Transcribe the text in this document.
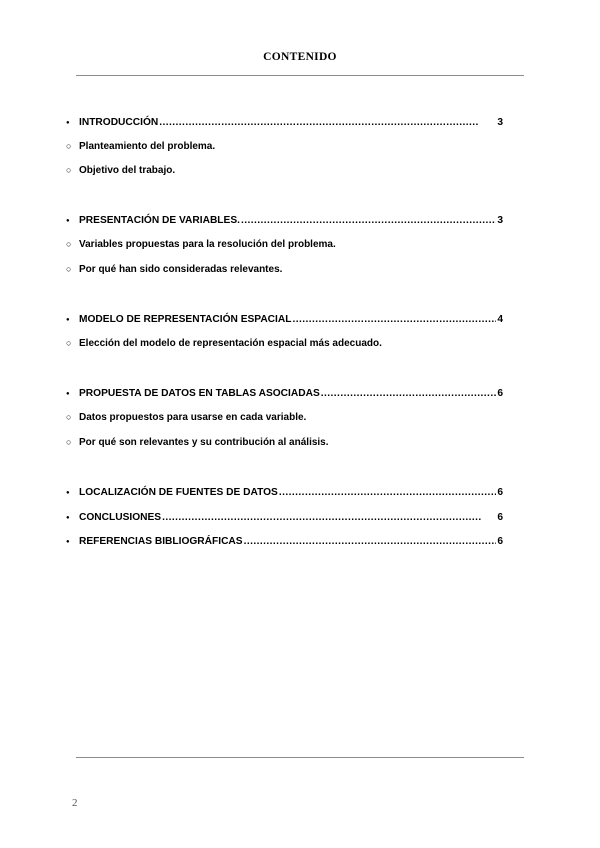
CONTENIDO
●
INTRODUCCIÓN . . .	3
○
Planteamiento del problema.
○
Objetivo del trabajo.
●
PRESENTACIÓN DE VARIABLES. . . .	3
○
Variables propuestas para la resolución del problema.
○
Por qué han sido consideradas relevantes.
●
MODELO DE REPRESENTACIÓN ESPACIAL . . .	4
○
Elección del modelo de representación espacial más adecuado.
●
PROPUESTA DE DATOS EN TABLAS ASOCIADAS . . .	6
○
Datos propuestos para usarse en cada variable.
○
Por qué son relevantes y su contribución al análisis.
●
LOCALIZACIÓN DE FUENTES DE DATOS . . .	6
●
CONCLUSIONES . . .	6
●
REFERENCIAS BIBLIOGRÁFICAS . . .	6
2
